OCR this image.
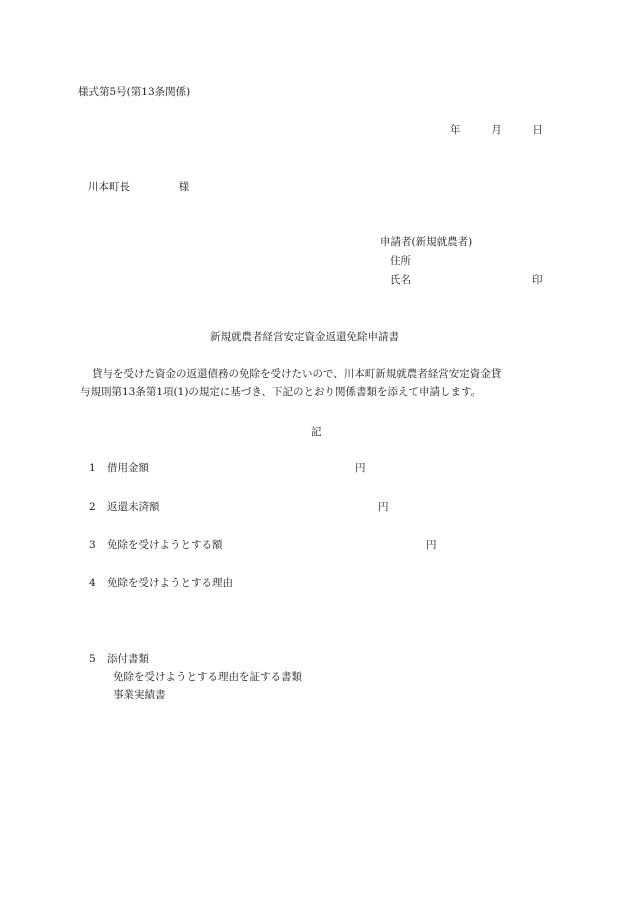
様式第5号(第13条関係)
年	月	日
川本町長	様
申請者(新規就農者)
住所
氏名	印
新規就農者経営安定資金返還免除申請書
貸与を受けた資金の返還債務の免除を受けたいので、川本町新規就農者経営安定資金貸
与規則第13条第1項(1)の規定に基づき、下記のとおり関係書類を添えて申請します。
記
1 借用金額	円
2 返還未済額	円
3 免除を受けようとする額	円
4 免除を受けようとする理由
5 添付書類
免除を受けようとする理由を証する書類
事業実績書
